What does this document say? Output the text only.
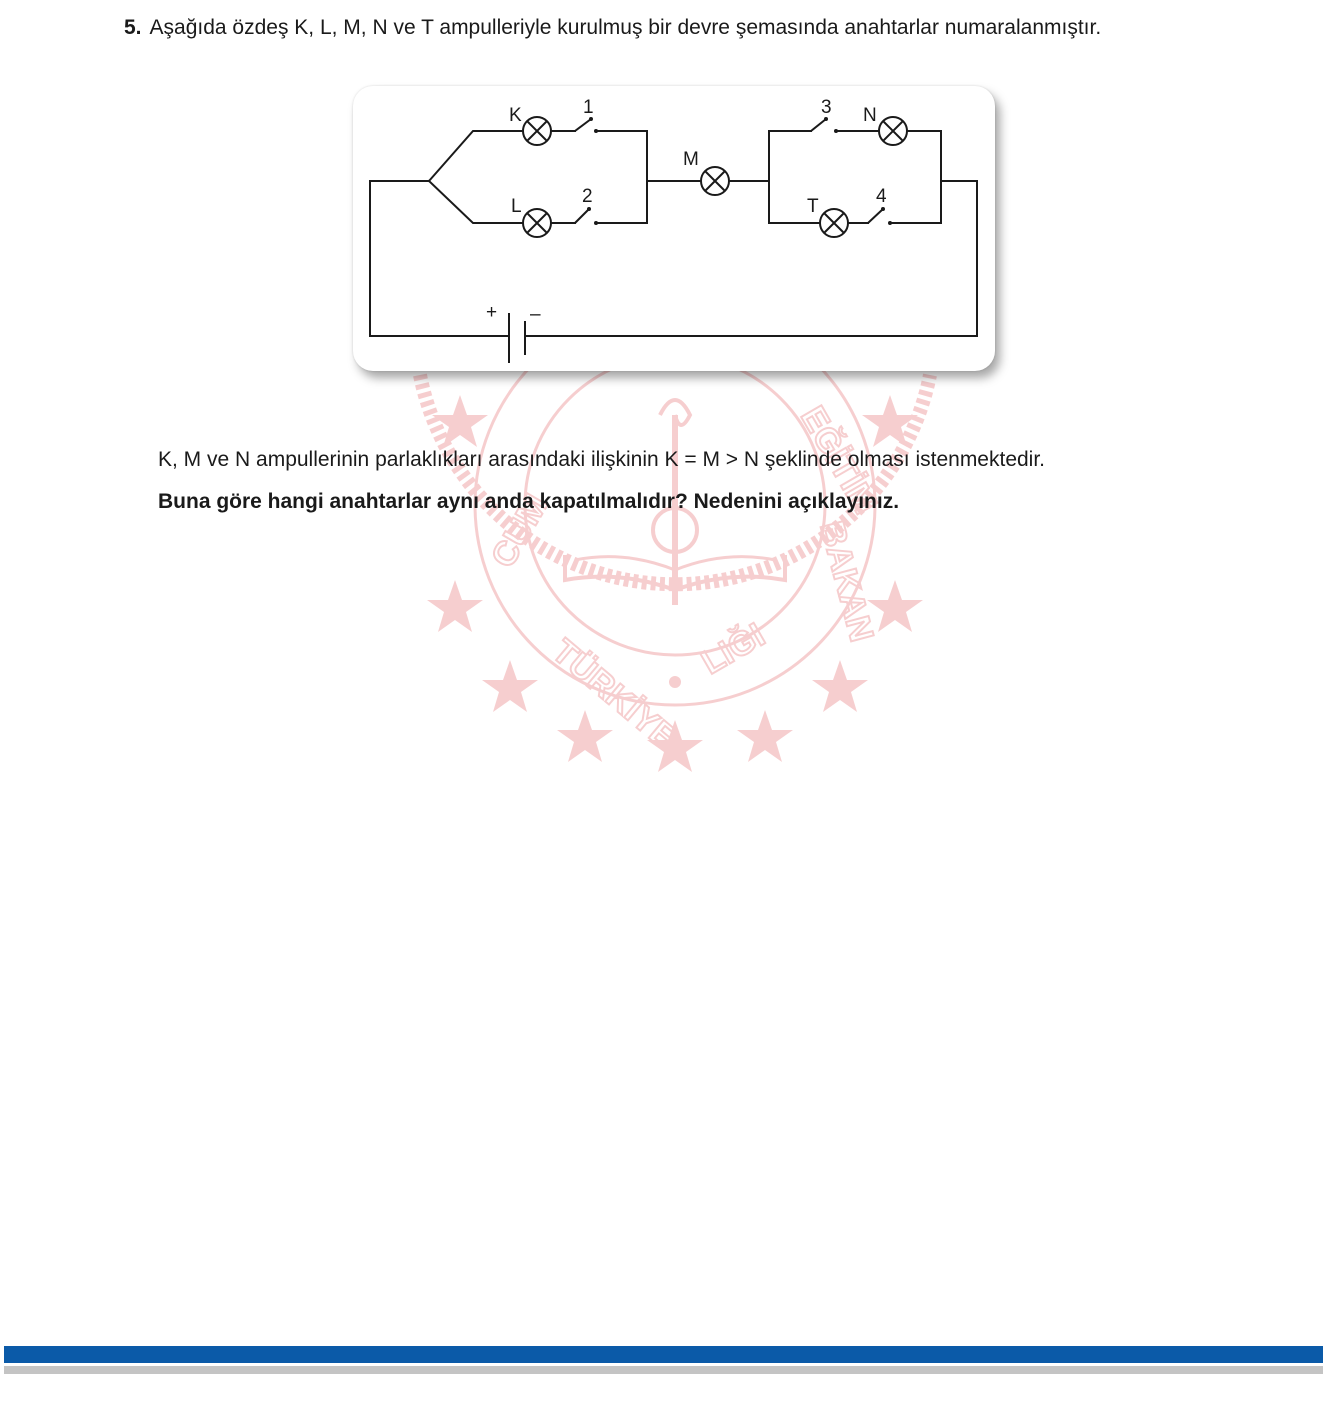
CUM
TÜRKİYE LIĞI
EĞİTİM
BAKAN
5. Aşağıda özdeş K, L, M, N ve T ampulleriyle kurulmuş bir devre şemasında anahtarlar numaralanmıştır.
K
L
M
N
T
1
2
3
4
+ –
K, M ve N ampullerinin parlaklıkları arasındaki ilişkinin K = M > N şeklinde olması istenmektedir.
Buna göre hangi anahtarlar aynı anda kapatılmalıdır? Nedenini açıklayınız.
